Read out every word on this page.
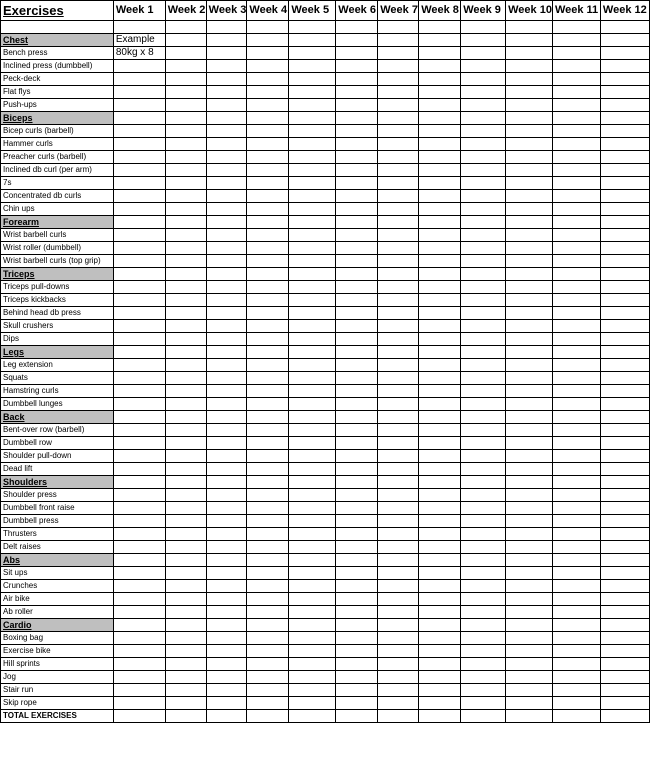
Exercises	Week 1	Week 2	Week 3	Week 4	Week 5	Week 6	Week 7	Week 8	Week 9	Week 10	Week 11	Week 12

Chest	Example											
Bench press	80kg x 8											
Inclined press (dumbbell)												
Peck-deck												
Flat flys												
Push-ups												
Biceps												
Bicep curls (barbell)												
Hammer curls												
Preacher curls (barbell)												
Inclined db curl (per arm)												
7s												
Concentrated db curls												
Chin ups												
Forearm												
Wrist barbell curls												
Wrist roller (dumbbell)												
Wrist barbell curls (top grip)												
Triceps												
Triceps pull-downs												
Triceps kickbacks												
Behind head db press												
Skull crushers												
Dips												
Legs												
Leg extension												
Squats												
Hamstring curls												
Dumbbell lunges												
Back												
Bent-over row (barbell)												
Dumbbell row												
Shoulder pull-down												
Dead lift												
Shoulders												
Shoulder press												
Dumbbell front raise												
Dumbbell press												
Thrusters												
Delt raises												
Abs												
Sit ups												
Crunches												
Air bike												
Ab roller												
Cardio												
Boxing bag												
Exercise bike												
Hill sprints												
Jog												
Stair run												
Skip rope												
TOTAL EXERCISES												
